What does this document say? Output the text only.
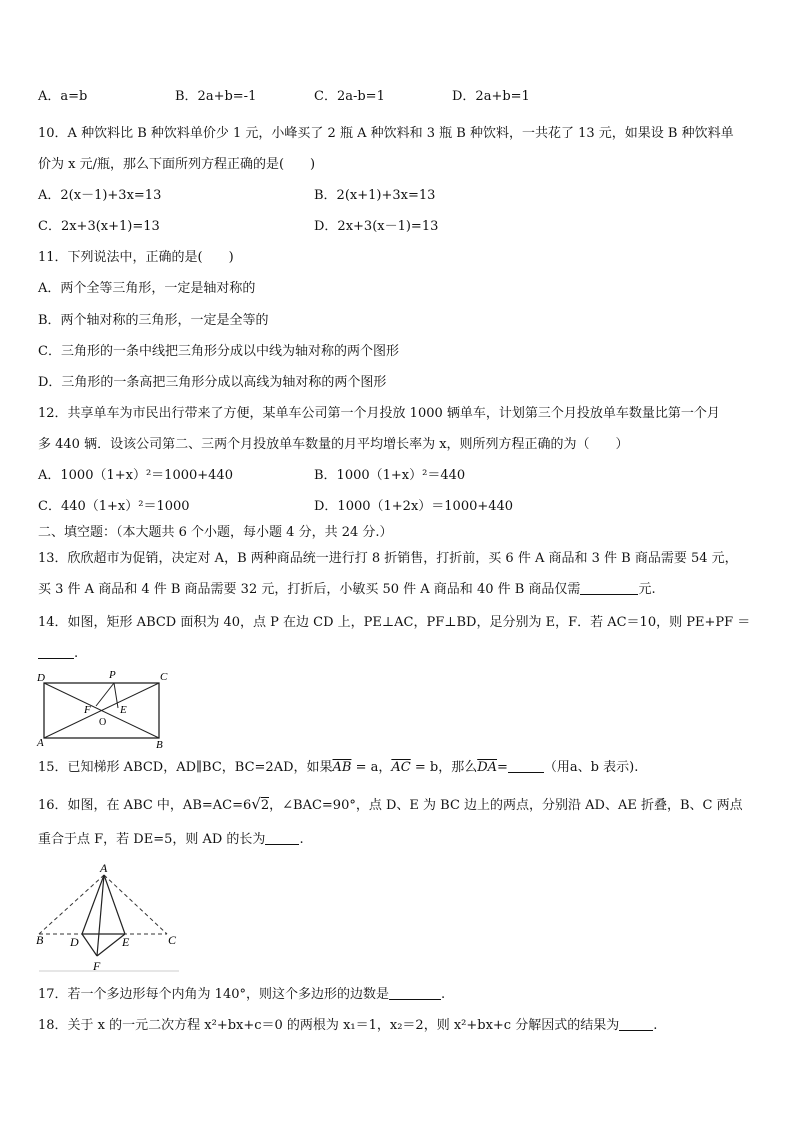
A．a=b	B．2a+b=-1	C．2a-b=1	D．2a+b=1
10．A 种饮料比 B 种饮料单价少 1 元，小峰买了 2 瓶 A 种饮料和 3 瓶 B 种饮料，一共花了 13 元，如果设 B 种饮料单
价为 x 元/瓶，那么下面所列方程正确的是(　　)
A．2(x－1)+3x=13	B．2(x+1)+3x=13
C．2x+3(x+1)=13	D．2x+3(x－1)=13
11．下列说法中，正确的是(　　)
A．两个全等三角形，一定是轴对称的
B．两个轴对称的三角形，一定是全等的
C．三角形的一条中线把三角形分成以中线为轴对称的两个图形
D．三角形的一条高把三角形分成以高线为轴对称的两个图形
12．共享单车为市民出行带来了方便，某单车公司第一个月投放 1000 辆单车，计划第三个月投放单车数量比第一个月
多 440 辆．设该公司第二、三两个月投放单车数量的月平均增长率为 x，则所列方程正确的为（　　）
A．1000（1+x）²＝1000+440	B．1000（1+x）²＝440
C．440（1+x）²＝1000	D．1000（1+2x）＝1000+440
二、填空题：（本大题共 6 个小题，每小题 4 分，共 24 分.）
13．欣欣超市为促销，决定对 A，B 两种商品统一进行打 8 折销售，打折前，买 6 件 A 商品和 3 件 B 商品需要 54 元，
买 3 件 A 商品和 4 件 B 商品需要 32 元，打折后，小敏买 50 件 A 商品和 40 件 B 商品仅需	元.
14．如图，矩形 ABCD 面积为 40，点 P 在边 CD 上，PE⊥AC，PF⊥BD，足分别为 E，F．若 AC＝10，则 PE+PF ＝
.
D	P	C
F	E
O
A	B
15．已知梯形 ABCD，AD∥BC，BC=2AD，如果$\overline{AB} = a$，$\overline{AC} = b$，那么$\overline{DA}=$	（用a、b 表示).
16．如图，在 ABC 中，AB=AC=6√2，∠BAC=90°，点 D、E 为 BC 边上的两点，分别沿 AD、AE 折叠，B、C 两点
重合于点 F，若 DE=5，则 AD 的长为	.
A
B	C
D	E
F
17．若一个多边形每个内角为 140°，则这个多边形的边数是	.
18．关于 x 的一元二次方程 x²+bx+c＝0 的两根为 x₁＝1，x₂＝2，则 x²+bx+c 分解因式的结果为	.
